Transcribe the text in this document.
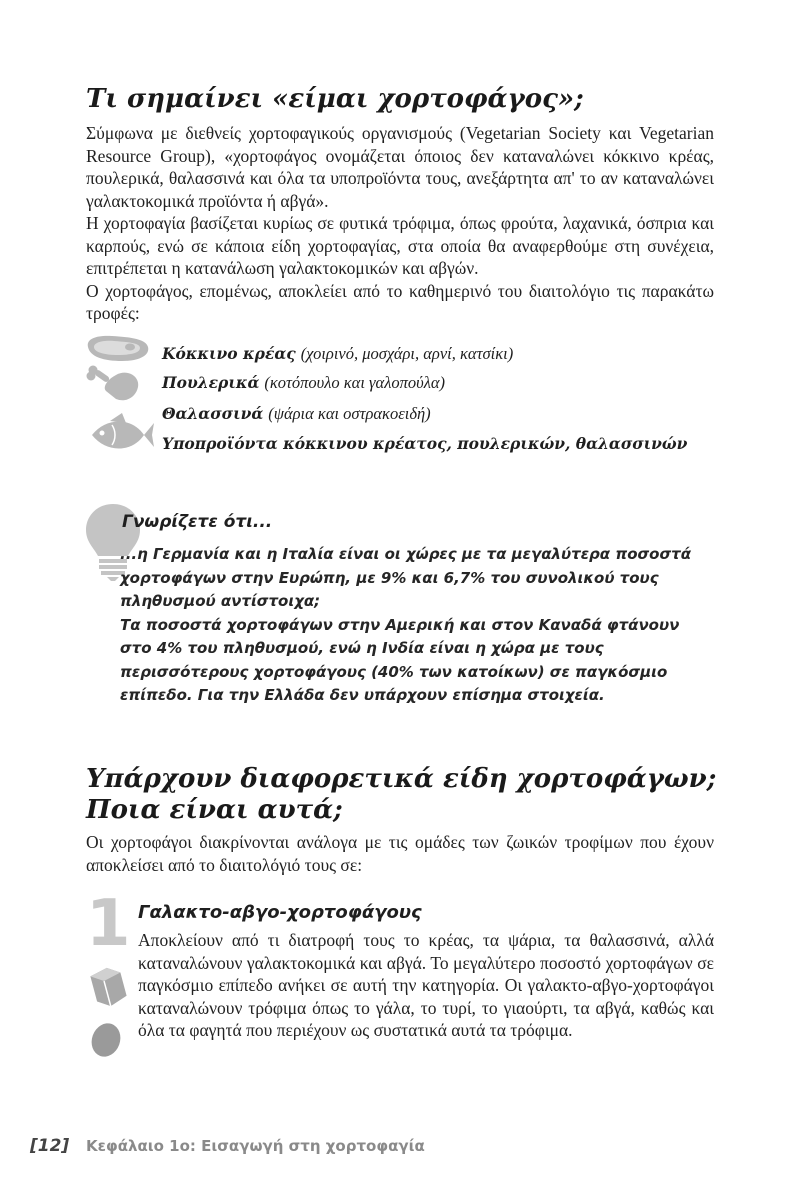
Τι σημαίνει «είμαι χορτοφάγος»;

Σύμφωνα με διεθνείς χορτοφαγικούς οργανισμούς (Vegetarian Society και Vegetarian Resource Group), «χορτοφάγος ονομάζεται όποιος δεν καταναλώνει κόκκινο κρέας, πουλερικά, θαλασσινά και όλα τα υποπροϊόντα τους, ανεξάρτητα απ' το αν καταναλώνει γαλακτοκομικά προϊόντα ή αβγά».

Η χορτοφαγία βασίζεται κυρίως σε φυτικά τρόφιμα, όπως φρούτα, λαχανικά, όσπρια και καρπούς, ενώ σε κάποια είδη χορτοφαγίας, στα οποία θα αναφερθούμε στη συνέχεια, επιτρέπεται η κατανάλωση γαλακτοκομικών και αβγών.

Ο χορτοφάγος, επομένως, αποκλείει από το καθημερινό του διαιτολόγιο τις παρακάτω τροφές:

Κόκκινο κρέας (χοιρινό, μοσχάρι, αρνί, κατσίκι)
Πουλερικά (κοτόπουλο και γαλοπούλα)
Θαλασσινά (ψάρια και οστρακοειδή)
Υποπροϊόντα κόκκινου κρέατος, πουλερικών, θαλασσινών
Γνωρίζετε ότι...

...η Γερμανία και η Ιταλία είναι οι χώρες με τα μεγαλύτερα ποσοστά χορτοφάγων στην Ευρώπη, με 9% και 6,7% του συνολικού τους πληθυσμού αντίστοιχα;

Τα ποσοστά χορτοφάγων στην Αμερική και στον Καναδά φτάνουν στο 4% του πληθυσμού, ενώ η Ινδία είναι η χώρα με τους περισσότερους χορτοφάγους (40% των κατοίκων) σε παγκόσμιο επίπεδο. Για την Ελλάδα δεν υπάρχουν επίσημα στοιχεία.

Υπάρχουν διαφορετικά είδη χορτοφάγων;
Ποια είναι αυτά;

Οι χορτοφάγοι διακρίνονται ανάλογα με τις ομάδες των ζωικών τροφίμων που έχουν αποκλείσει από το διαιτολόγιό τους σε:

1 Γαλακτο-αβγο-χορτοφάγους

Αποκλείουν από τι διατροφή τους το κρέας, τα ψάρια, τα θαλασσινά, αλλά καταναλώνουν γαλακτοκομικά και αβγά. Το μεγαλύτερο ποσοστό χορτοφάγων σε παγκόσμιο επίπεδο ανήκει σε αυτή την κατηγορία. Οι γαλακτο-αβγο-χορτοφάγοι καταναλώνουν τρόφιμα όπως το γάλα, το τυρί, το γιαούρτι, τα αβγά, καθώς και όλα τα φαγητά που περιέχουν ως συστατικά αυτά τα τρόφιμα.

[12] Κεφάλαιο 1ο: Εισαγωγή στη χορτοφαγία
